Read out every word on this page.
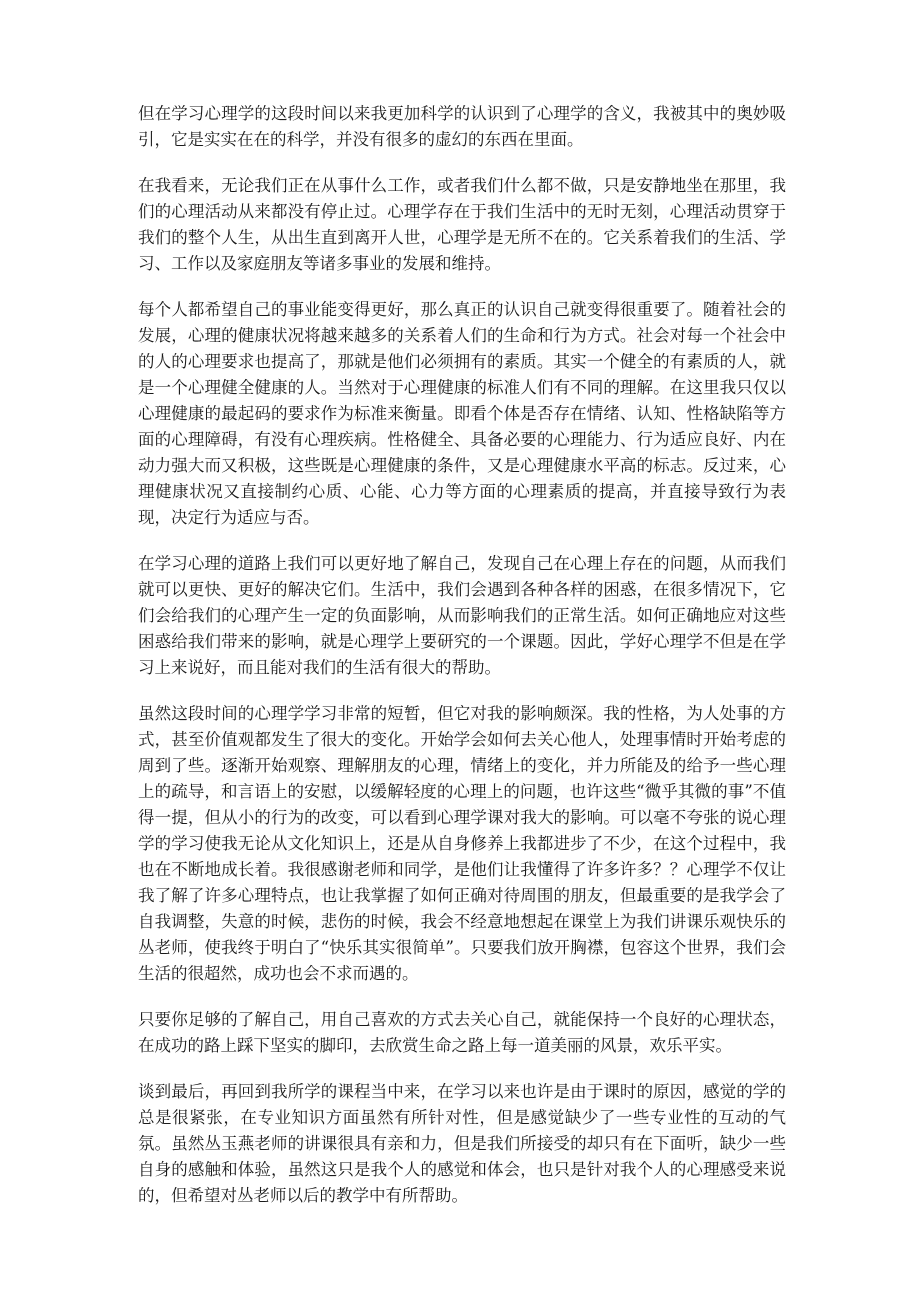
但在学习心理学的这段时间以来我更加科学的认识到了心理学的含义，我被其中的奥妙吸引，它是实实在在的科学，并没有很多的虚幻的东西在里面。

在我看来，无论我们正在从事什么工作，或者我们什么都不做，只是安静地坐在那里，我们的心理活动从来都没有停止过。心理学存在于我们生活中的无时无刻，心理活动贯穿于我们的整个人生，从出生直到离开人世，心理学是无所不在的。它关系着我们的生活、学习、工作以及家庭朋友等诸多事业的发展和维持。

每个人都希望自己的事业能变得更好，那么真正的认识自己就变得很重要了。随着社会的发展，心理的健康状况将越来越多的关系着人们的生命和行为方式。社会对每一个社会中的人的心理要求也提高了，那就是他们必须拥有的素质。其实一个健全的有素质的人，就是一个心理健全健康的人。当然对于心理健康的标准人们有不同的理解。在这里我只仅以心理健康的最起码的要求作为标准来衡量。即看个体是否存在情绪、认知、性格缺陷等方面的心理障碍，有没有心理疾病。性格健全、具备必要的心理能力、行为适应良好、内在动力强大而又积极，这些既是心理健康的条件，又是心理健康水平高的标志。反过来，心理健康状况又直接制约心质、心能、心力等方面的心理素质的提高，并直接导致行为表现，决定行为适应与否。

在学习心理的道路上我们可以更好地了解自己，发现自己在心理上存在的问题，从而我们就可以更快、更好的解决它们。生活中，我们会遇到各种各样的困惑，在很多情况下，它们会给我们的心理产生一定的负面影响，从而影响我们的正常生活。如何正确地应对这些困惑给我们带来的影响，就是心理学上要研究的一个课题。因此，学好心理学不但是在学习上来说好，而且能对我们的生活有很大的帮助。

虽然这段时间的心理学学习非常的短暂，但它对我的影响颇深。我的性格，为人处事的方式，甚至价值观都发生了很大的变化。开始学会如何去关心他人，处理事情时开始考虑的周到了些。逐渐开始观察、理解朋友的心理，情绪上的变化，并力所能及的给予一些心理上的疏导，和言语上的安慰，以缓解轻度的心理上的问题，也许这些“微乎其微的事”不值得一提，但从小的行为的改变，可以看到心理学课对我大的影响。可以毫不夸张的说心理学的学习使我无论从文化知识上，还是从自身修养上我都进步了不少，在这个过程中，我也在不断地成长着。我很感谢老师和同学，是他们让我懂得了许多许多？？心理学不仅让我了解了许多心理特点，也让我掌握了如何正确对待周围的朋友，但最重要的是我学会了自我调整，失意的时候，悲伤的时候，我会不经意地想起在课堂上为我们讲课乐观快乐的丛老师，使我终于明白了“快乐其实很简单”。只要我们放开胸襟，包容这个世界，我们会生活的很超然，成功也会不求而遇的。

只要你足够的了解自己，用自己喜欢的方式去关心自己，就能保持一个良好的心理状态，在成功的路上踩下坚实的脚印，去欣赏生命之路上每一道美丽的风景，欢乐平实。

谈到最后，再回到我所学的课程当中来，在学习以来也许是由于课时的原因，感觉的学的总是很紧张，在专业知识方面虽然有所针对性，但是感觉缺少了一些专业性的互动的气氛。虽然丛玉燕老师的讲课很具有亲和力，但是我们所接受的却只有在下面听，缺少一些自身的感触和体验，虽然这只是我个人的感觉和体会，也只是针对我个人的心理感受来说的，但希望对丛老师以后的教学中有所帮助。
